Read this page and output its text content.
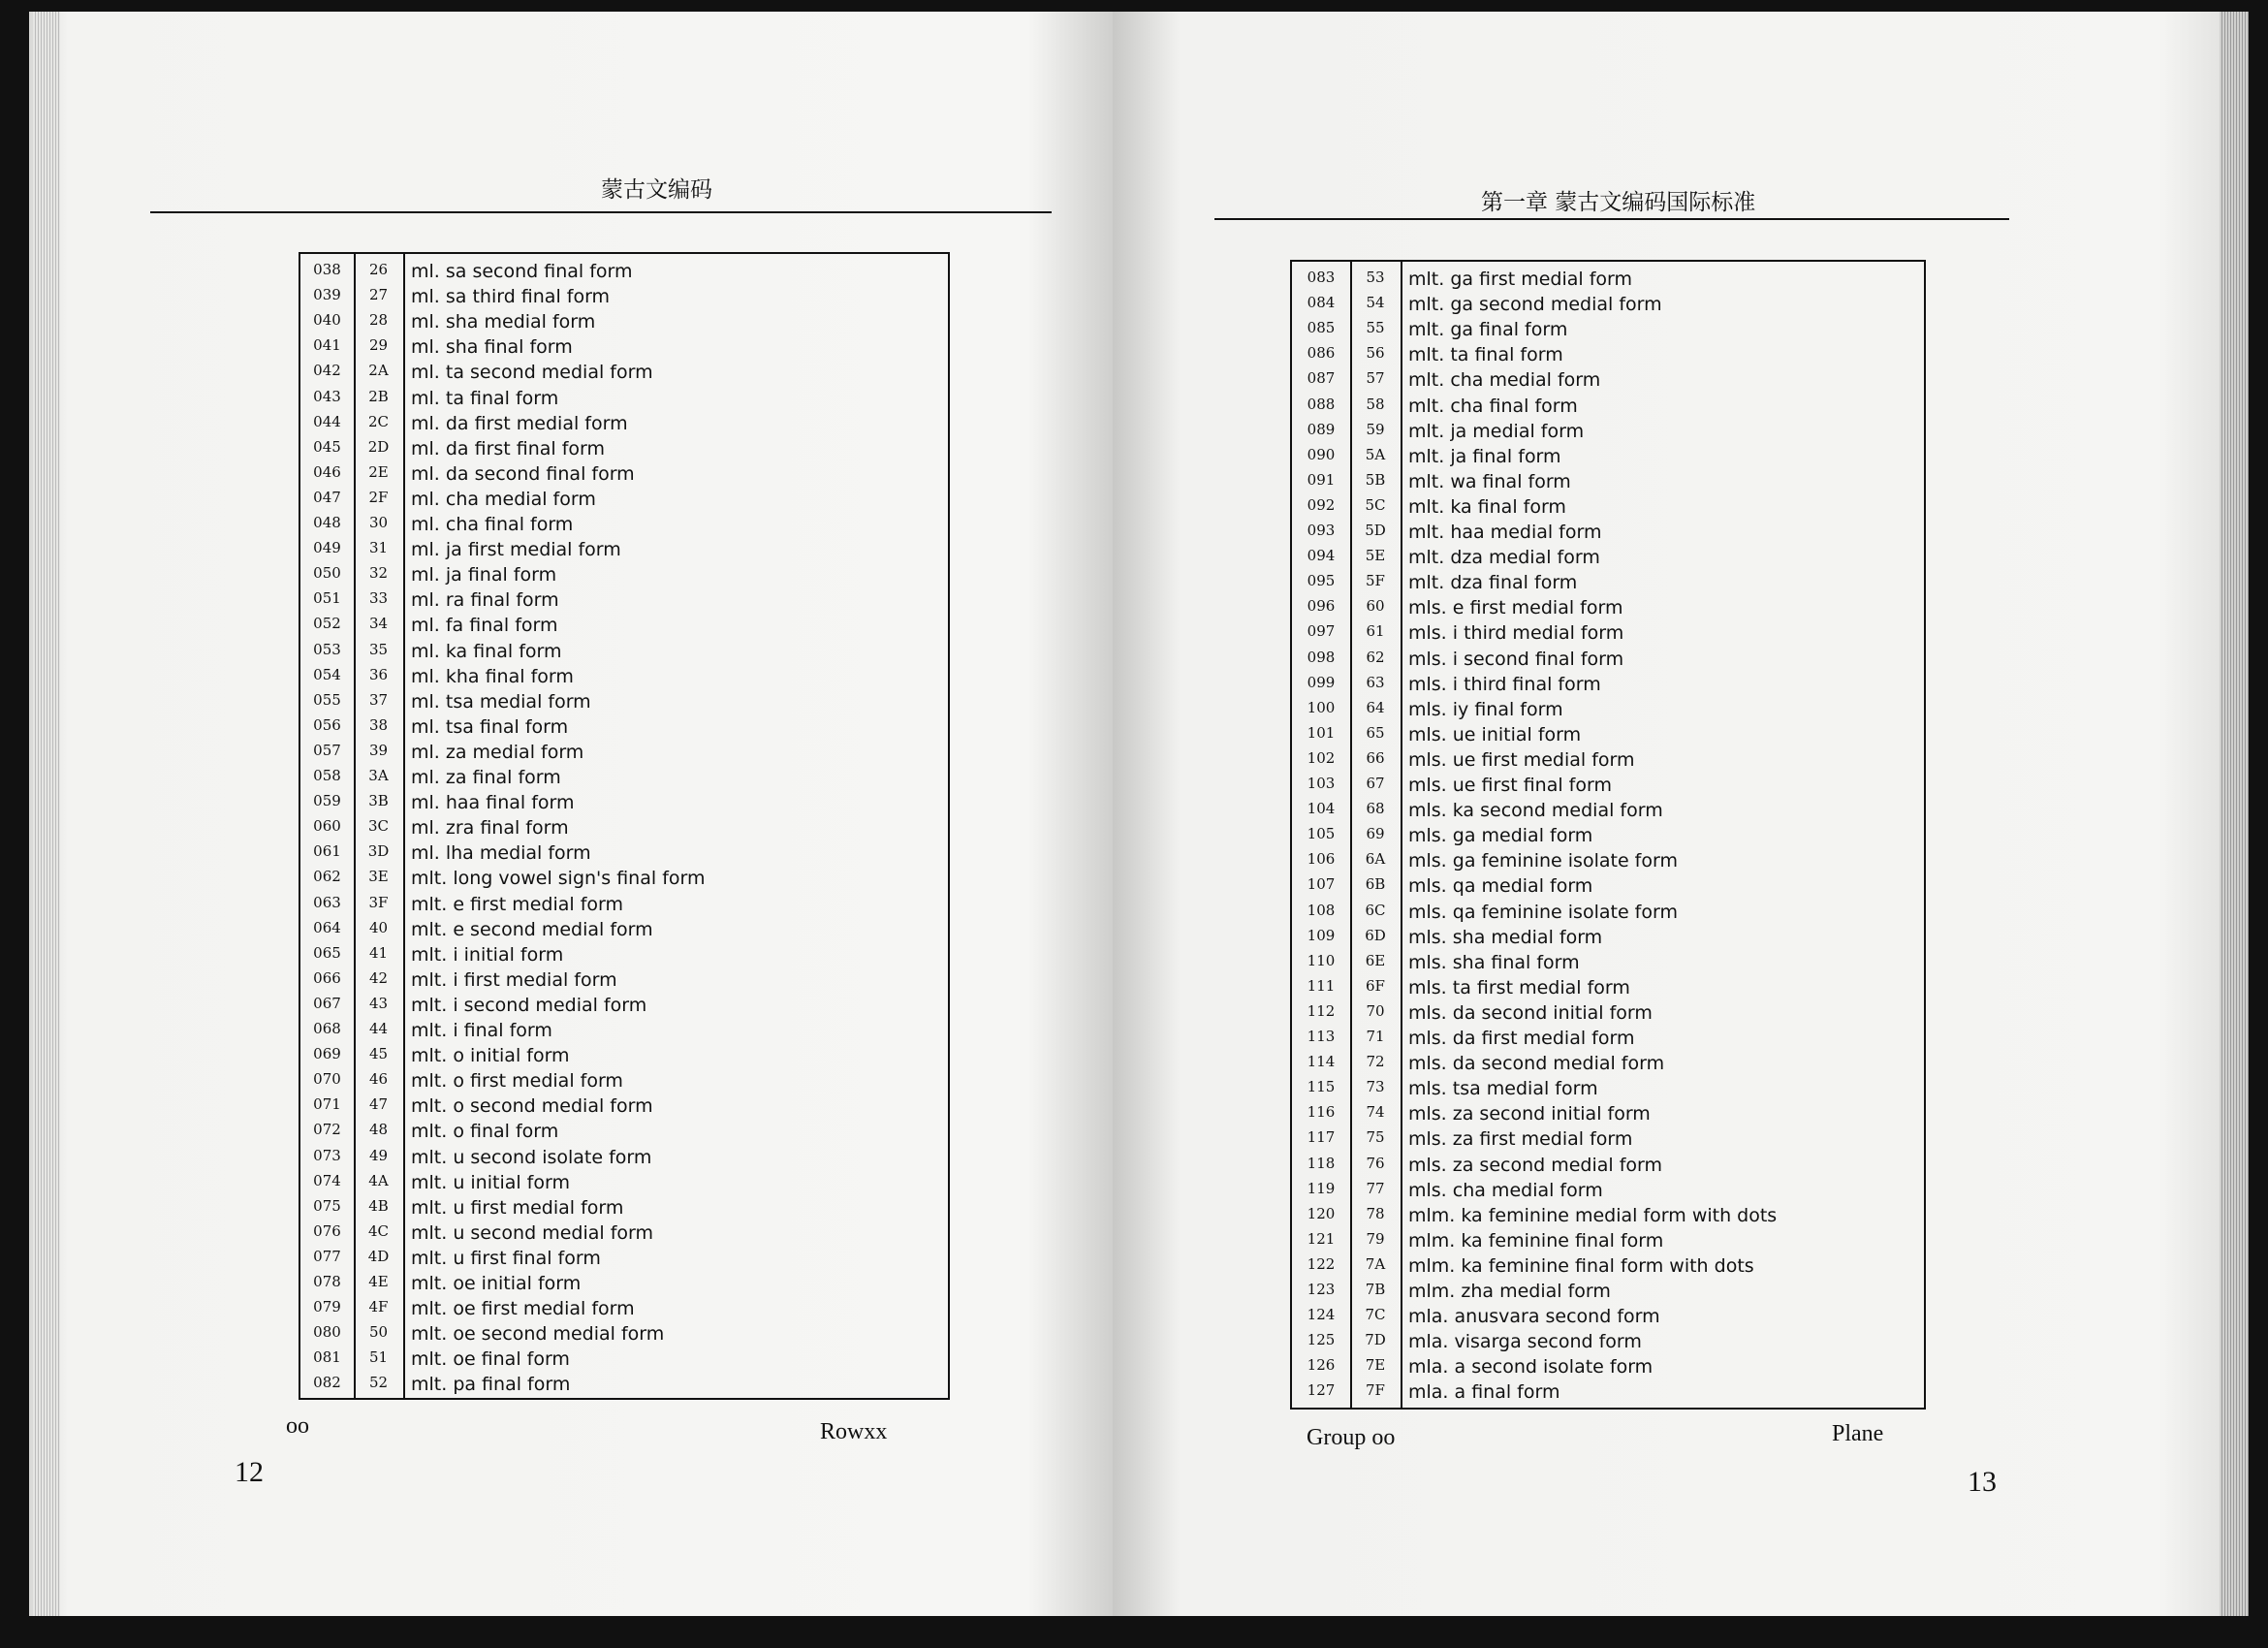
蒙古文编码
038	26	ml. sa second final form
039	27	ml. sa third final form
040	28	ml. sha medial form
041	29	ml. sha final form
042	2A	ml. ta second medial form
043	2B	ml. ta final form
044	2C	ml. da first medial form
045	2D	ml. da first final form
046	2E	ml. da second final form
047	2F	ml. cha medial form
048	30	ml. cha final form
049	31	ml. ja first medial form
050	32	ml. ja final form
051	33	ml. ra final form
052	34	ml. fa final form
053	35	ml. ka final form
054	36	ml. kha final form
055	37	ml. tsa medial form
056	38	ml. tsa final form
057	39	ml. za medial form
058	3A	ml. za final form
059	3B	ml. haa final form
060	3C	ml. zra final form
061	3D	ml. lha medial form
062	3E	mlt. long vowel sign's final form
063	3F	mlt. e first medial form
064	40	mlt. e second medial form
065	41	mlt. i initial form
066	42	mlt. i first medial form
067	43	mlt. i second medial form
068	44	mlt. i final form
069	45	mlt. o initial form
070	46	mlt. o first medial form
071	47	mlt. o second medial form
072	48	mlt. o final form
073	49	mlt. u second isolate form
074	4A	mlt. u initial form
075	4B	mlt. u first medial form
076	4C	mlt. u second medial form
077	4D	mlt. u first final form
078	4E	mlt. oe initial form
079	4F	mlt. oe first medial form
080	50	mlt. oe second medial form
081	51	mlt. oe final form
082	52	mlt. pa final form
oo	Rowxx
12
第一章 蒙古文编码国际标准
083	53	mlt. ga first medial form
084	54	mlt. ga second medial form
085	55	mlt. ga final form
086	56	mlt. ta final form
087	57	mlt. cha medial form
088	58	mlt. cha final form
089	59	mlt. ja medial form
090	5A	mlt. ja final form
091	5B	mlt. wa final form
092	5C	mlt. ka final form
093	5D	mlt. haa medial form
094	5E	mlt. dza medial form
095	5F	mlt. dza final form
096	60	mls. e first medial form
097	61	mls. i third medial form
098	62	mls. i second final form
099	63	mls. i third final form
100	64	mls. iy final form
101	65	mls. ue initial form
102	66	mls. ue first medial form
103	67	mls. ue first final form
104	68	mls. ka second medial form
105	69	mls. ga medial form
106	6A	mls. ga feminine isolate form
107	6B	mls. qa medial form
108	6C	mls. qa feminine isolate form
109	6D	mls. sha medial form
110	6E	mls. sha final form
111	6F	mls. ta first medial form
112	70	mls. da second initial form
113	71	mls. da first medial form
114	72	mls. da second medial form
115	73	mls. tsa medial form
116	74	mls. za second initial form
117	75	mls. za first medial form
118	76	mls. za second medial form
119	77	mls. cha medial form
120	78	mlm. ka feminine medial form with dots
121	79	mlm. ka feminine final form
122	7A	mlm. ka feminine final form with dots
123	7B	mlm. zha medial form
124	7C	mla. anusvara second form
125	7D	mla. visarga second form
126	7E	mla. a second isolate form
127	7F	mla. a final form
Group oo	Plane
13
